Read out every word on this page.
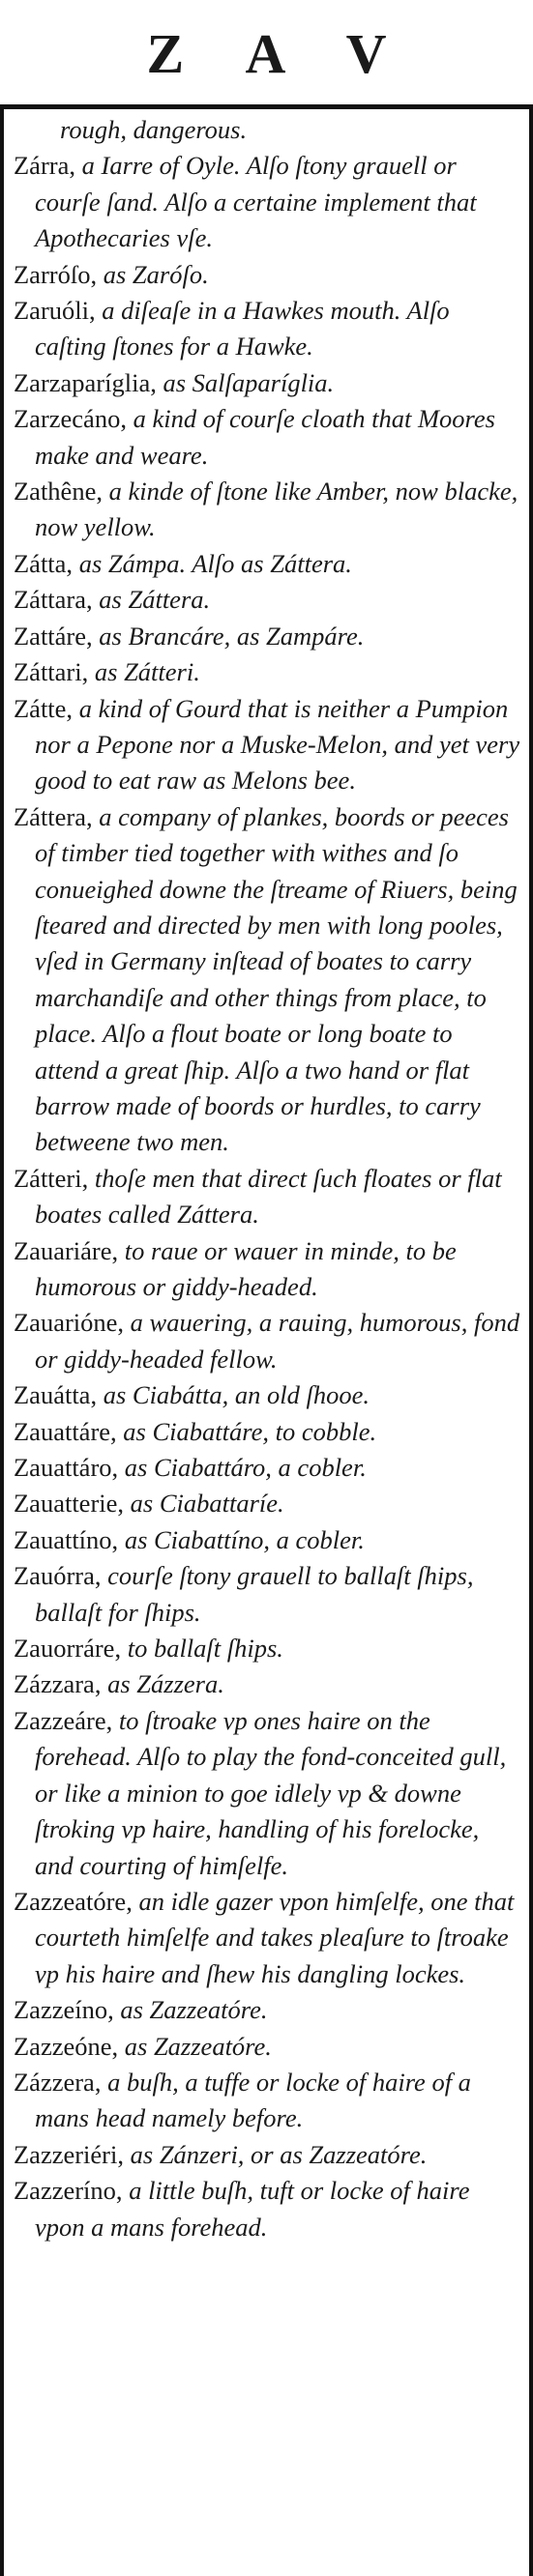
Z A V

rough, dangerous.

Zárra, a Iarre of Oyle. Alſo ſtony grauell or courſe ſand. Alſo a certaine implement that Apothecaries vſe.

Zarróſo, as Zaróſo.

Zaruóli, a diſeaſe in a Hawkes mouth. Alſo caſting ſtones for a Hawke.

Zarzaparíglia, as Salſaparíglia.

Zarzecáno, a kind of courſe cloath that Moores make and weare.

Zathêne, a kinde of ſtone like Amber, now blacke, now yellow.

Zátta, as Zámpa. Alſo as Záttera.

Záttara, as Záttera.

Zattáre, as Brancáre, as Zampáre.

Záttari, as Zátteri.

Zátte, a kind of Gourd that is neither a Pumpion nor a Pepone nor a Muske-Melon, and yet very good to eat raw as Melons bee.

Záttera, a company of plankes, boords or peeces of timber tied together with withes and ſo conueighed downe the ſtreame of Riuers, being ſteared and directed by men with long pooles, vſed in Germany inſtead of boates to carry marchandiſe and other things from place, to place. Alſo a flout boate or long boate to attend a great ſhip. Alſo a two hand or flat barrow made of boords or hurdles, to carry betweene two men.

Zátteri, thoſe men that direct ſuch floates or flat boates called Záttera.

Zauariáre, to raue or wauer in minde, to be humorous or giddy-headed.

Zauarióne, a wauering, a rauing, humorous, fond or giddy-headed fellow.

Zauátta, as Ciabátta, an old ſhooe.

Zauattáre, as Ciabattáre, to cobble.

Zauattáro, as Ciabattáro, a cobler.

Zauatterie, as Ciabattaríe.

Zauattíno, as Ciabattíno, a cobler.

Zauórra, courſe ſtony grauell to ballaſt ſhips, ballaſt for ſhips.

Zauorráre, to ballaſt ſhips.

Zázzara, as Zázzera.

Zazzeáre, to ſtroake vp ones haire on the forehead. Alſo to play the fond-conceited gull, or like a minion to goe idlely vp & downe ſtroking vp haire, handling of his forelocke, and courting of himſelfe.

Zazzeatóre, an idle gazer vpon himſelfe, one that courteth himſelfe and takes pleaſure to ſtroake vp his haire and ſhew his dangling lockes.

Zazzeíno, as Zazzeatóre.

Zazzeóne, as Zazzeatóre.

Zázzera, a buſh, a tuffe or locke of haire of a mans head namely before.

Zazzeriéri, as Zánzeri, or as Zazzeatóre.

Zazzeríno, a little buſh, tuft or locke of haire vpon a mans forehead.
